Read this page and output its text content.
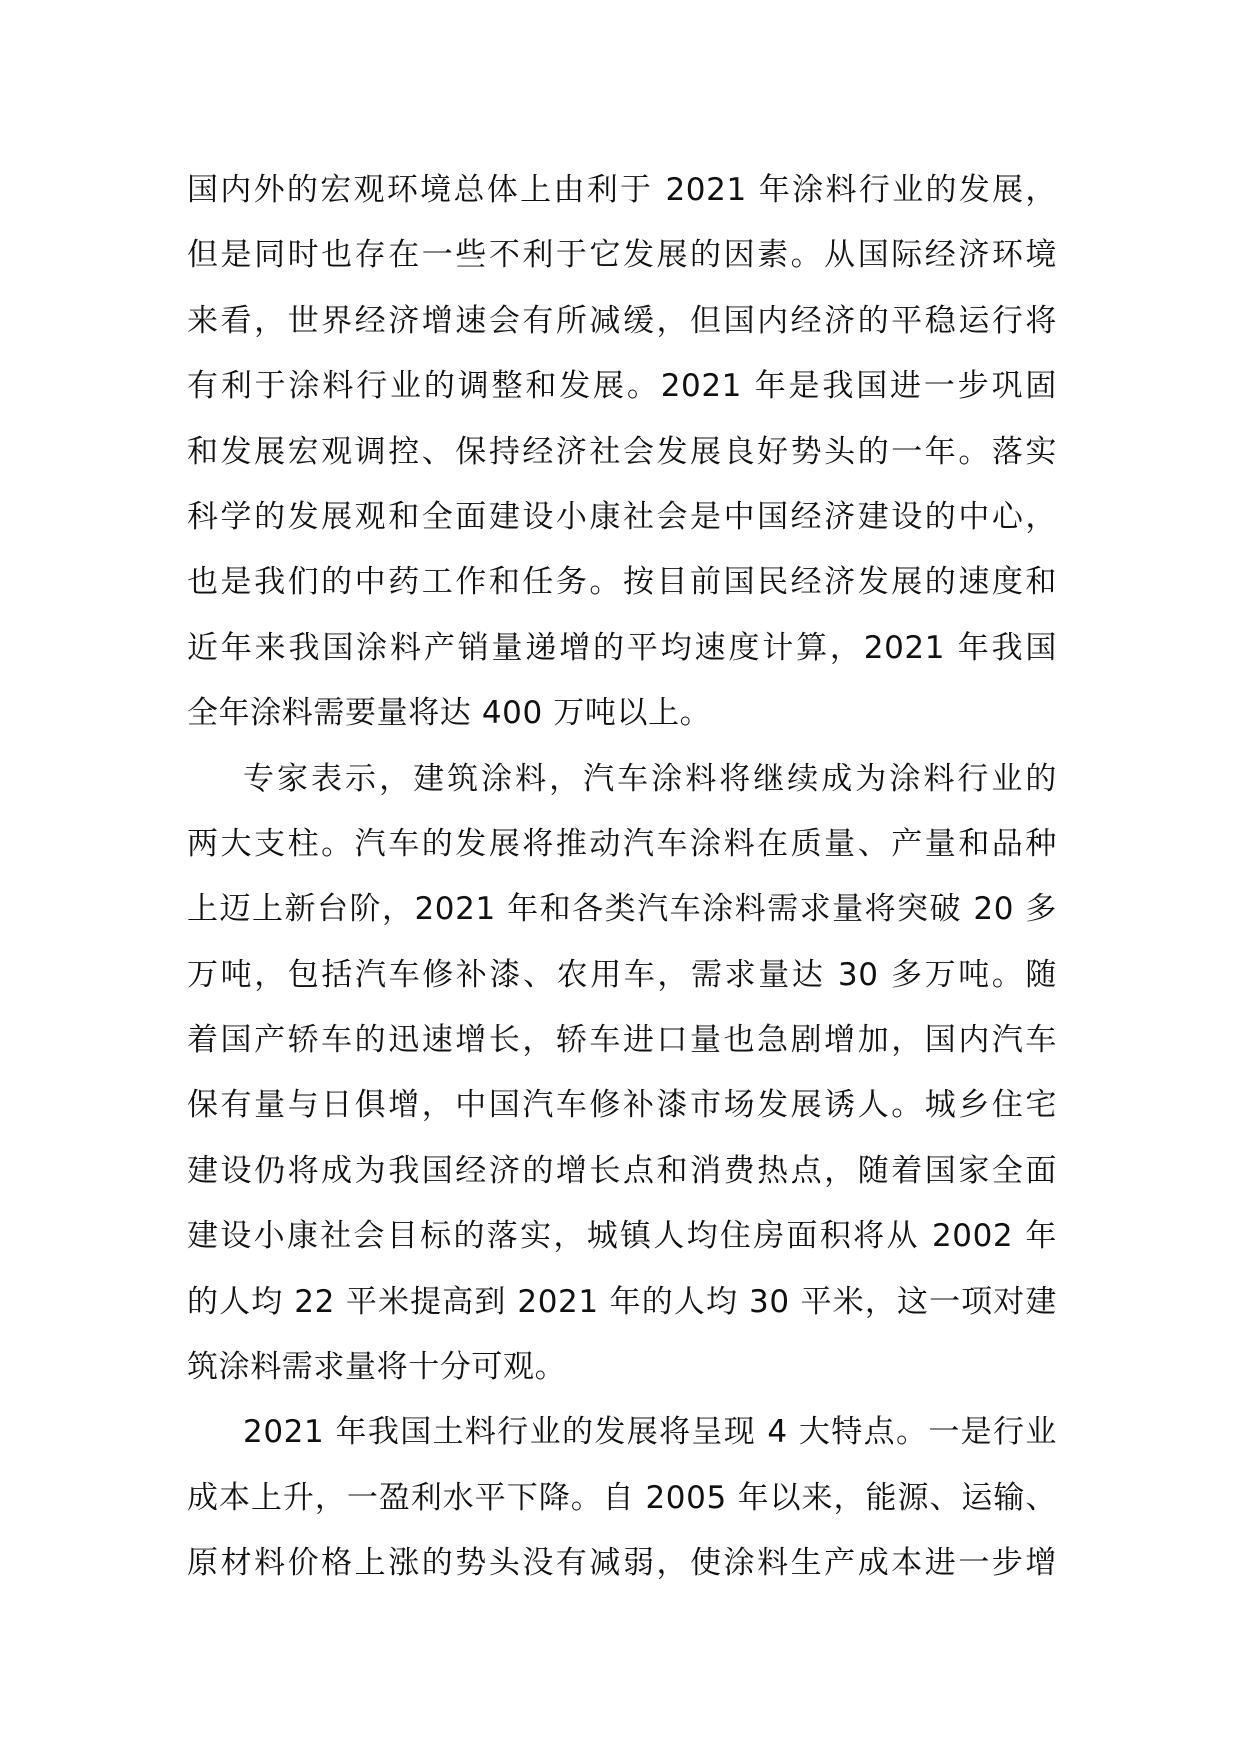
国内外的宏观环境总体上由利于 2021 年涂料行业的发展，
但是同时也存在一些不利于它发展的因素。从国际经济环境
来看，世界经济增速会有所减缓，但国内经济的平稳运行将
有利于涂料行业的调整和发展。2021 年是我国进一步巩固
和发展宏观调控、保持经济社会发展良好势头的一年。落实
科学的发展观和全面建设小康社会是中国经济建设的中心，
也是我们的中药工作和任务。按目前国民经济发展的速度和
近年来我国涂料产销量递增的平均速度计算，2021 年我国
全年涂料需要量将达 400 万吨以上。
专家表示，建筑涂料，汽车涂料将继续成为涂料行业的
两大支柱。汽车的发展将推动汽车涂料在质量、产量和品种
上迈上新台阶，2021 年和各类汽车涂料需求量将突破 20 多
万吨，包括汽车修补漆、农用车，需求量达 30 多万吨。随
着国产轿车的迅速增长，轿车进口量也急剧增加，国内汽车
保有量与日俱增，中国汽车修补漆市场发展诱人。城乡住宅
建设仍将成为我国经济的增长点和消费热点，随着国家全面
建设小康社会目标的落实，城镇人均住房面积将从 2002 年
的人均 22 平米提高到 2021 年的人均 30 平米，这一项对建
筑涂料需求量将十分可观。
2021 年我国土料行业的发展将呈现 4 大特点。一是行业
成本上升，一盈利水平下降。自 2005 年以来，能源、运输、
原材料价格上涨的势头没有减弱，使涂料生产成本进一步增
